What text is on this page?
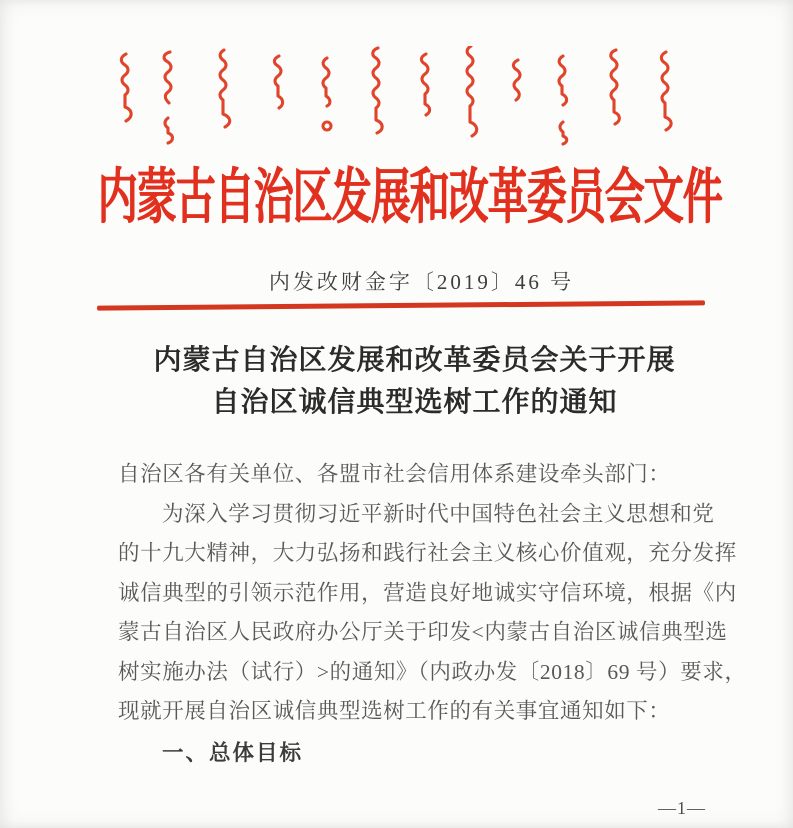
内蒙古自治区发展和改革委员会文件
内发改财金字〔2019〕46 号
内蒙古自治区发展和改革委员会关于开展
自治区诚信典型选树工作的通知
自治区各有关单位、各盟市社会信用体系建设牵头部门：
为深入学习贯彻习近平新时代中国特色社会主义思想和党
的十九大精神，大力弘扬和践行社会主义核心价值观，充分发挥
诚信典型的引领示范作用，营造良好地诚实守信环境，根据《内
蒙古自治区人民政府办公厅关于印发<内蒙古自治区诚信典型选
树实施办法（试行）>的通知》（内政办发〔2018〕69 号）要求，
现就开展自治区诚信典型选树工作的有关事宜通知如下：
一、总体目标
—1—
